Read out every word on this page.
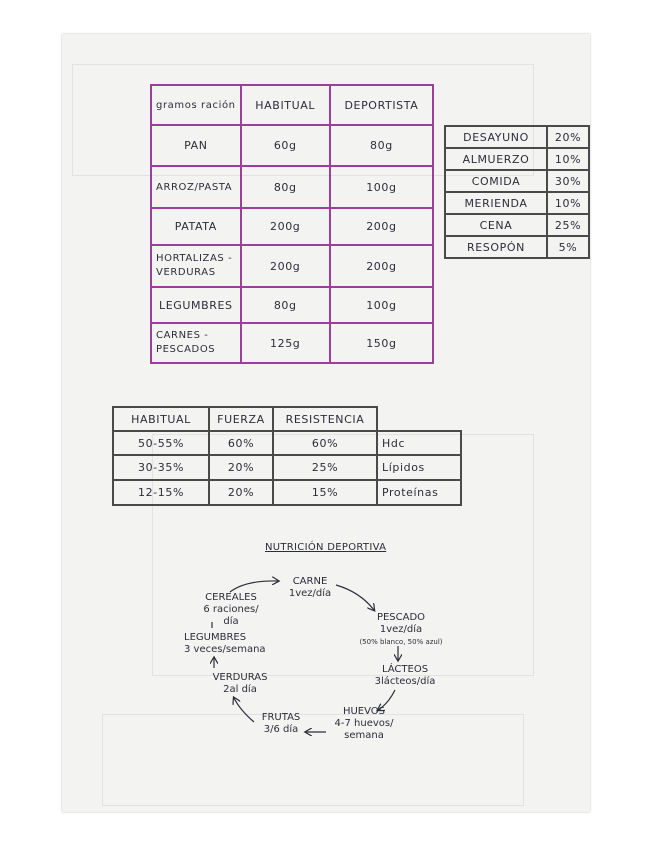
gramos ración	HABITUAL	DEPORTISTA
PAN	60g	80g
ARROZ/PASTA	80g	100g
PATATA	200g	200g
HORTALIZAS - VERDURAS	200g	200g
LEGUMBRES	80g	100g
CARNES - PESCADOS	125g	150g
DESAYUNO	20%
ALMUERZO	10%
COMIDA	30%
MERIENDA	10%
CENA	25%
RESOPÓN	5%
HABITUAL	FUERZA	RESISTENCIA	
50-55%	60%	60%	Hdc
30-35%	20%	25%	Lípidos
12-15%	20%	15%	Proteínas
NUTRICIÓN DEPORTIVA
CARNE
1vez/día
CEREALES
6 raciones/
día	PESCADO
1vez/día
(50% blanco, 50% azul)
LEGUMBRES
3 veces/semana
LÁCTEOS
3lácteos/día
VERDURAS
2al día
HUEVOS
4-7 huevos/
semana
FRUTAS
3/6 día
